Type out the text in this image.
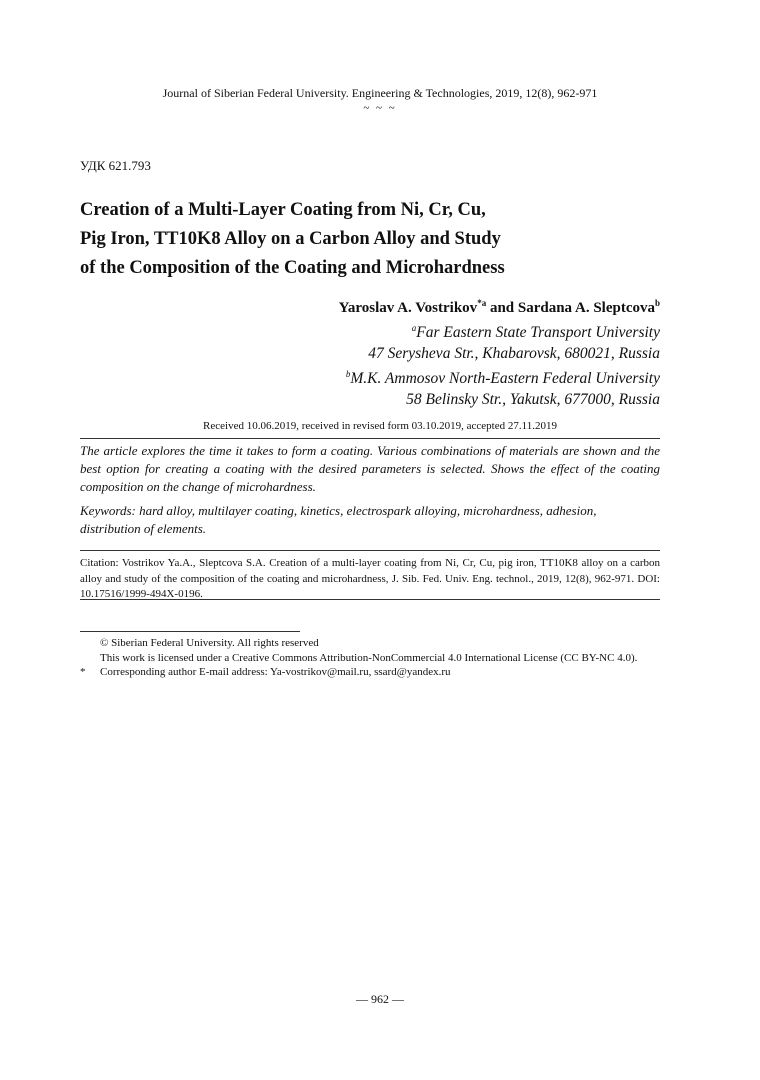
Journal of Siberian Federal University. Engineering & Technologies, 2019, 12(8), 962-971
~ ~ ~
УДК 621.793
Creation of a Multi-Layer Coating from Ni, Cr, Cu,
Pig Iron, TT10K8 Alloy on a Carbon Alloy and Study
of the Composition of the Coating and Microhardness
Yaroslav A. Vostrikov$^{*a}$ and Sardana A. Sleptcova$^b$
$^a$Far Eastern State Transport University
47 Serysheva Str., Khabarovsk, 680021, Russia
$^b$M.K. Ammosov North-Eastern Federal University
58 Belinsky Str., Yakutsk, 677000, Russia
Received 10.06.2019, received in revised form 03.10.2019, accepted 27.11.2019
The article explores the time it takes to form a coating. Various combinations of materials are shown and the best option for creating a coating with the desired parameters is selected. Shows the effect of the coating composition on the change of microhardness.
Keywords: hard alloy, multilayer coating, kinetics, electrospark alloying, microhardness, adhesion, distribution of elements.
Citation: Vostrikov Ya.A., Sleptcova S.A. Creation of a multi-layer coating from Ni, Cr, Cu, pig iron, TT10K8 alloy on a carbon alloy and study of the composition of the coating and microhardness, J. Sib. Fed. Univ. Eng. technol., 2019, 12(8), 962-971. DOI: 10.17516/1999-494X-0196.
© Siberian Federal University. All rights reserved
This work is licensed under a Creative Commons Attribution-NonCommercial 4.0 International License (CC BY-NC 4.0).
*	Corresponding author E-mail address: Ya-vostrikov@mail.ru, ssard@yandex.ru
— 962 —
